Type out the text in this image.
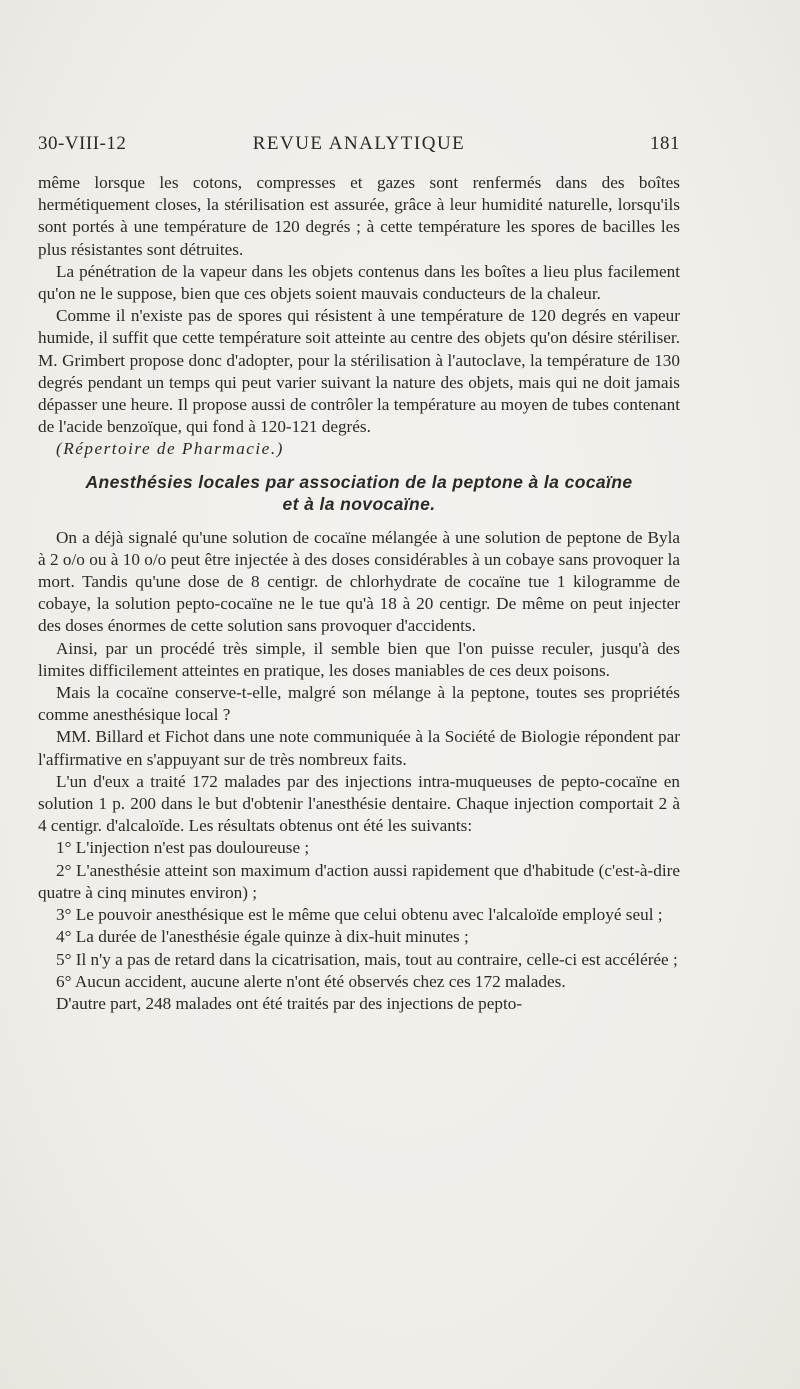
30-VIII-12	REVUE ANALYTIQUE	181

même lorsque les cotons, compresses et gazes sont renfermés dans des boîtes hermétiquement closes, la stérilisation est assurée, grâce à leur humidité naturelle, lorsqu'ils sont portés à une température de 120 degrés ; à cette température les spores de bacilles les plus résistantes sont détruites.

La pénétration de la vapeur dans les objets contenus dans les boîtes a lieu plus facilement qu'on ne le suppose, bien que ces objets soient mauvais conducteurs de la chaleur.

Comme il n'existe pas de spores qui résistent à une température de 120 degrés en vapeur humide, il suffit que cette température soit atteinte au centre des objets qu'on désire stériliser. M. Grimbert propose donc d'adopter, pour la stérilisation à l'autoclave, la température de 130 degrés pendant un temps qui peut varier suivant la nature des objets, mais qui ne doit jamais dépasser une heure. Il propose aussi de contrôler la température au moyen de tubes contenant de l'acide benzoïque, qui fond à 120-121 degrés.

(Répertoire de Pharmacie.)

Anesthésies locales par association de la peptone à la cocaïne
et à la novocaïne.

On a déjà signalé qu'une solution de cocaïne mélangée à une solution de peptone de Byla à 2 o/o ou à 10 o/o peut être injectée à des doses considérables à un cobaye sans provoquer la mort. Tandis qu'une dose de 8 centigr. de chlorhydrate de cocaïne tue 1 kilogramme de cobaye, la solution pepto-cocaïne ne le tue qu'à 18 à 20 centigr. De même on peut injecter des doses énormes de cette solution sans provoquer d'accidents.

Ainsi, par un procédé très simple, il semble bien que l'on puisse reculer, jusqu'à des limites difficilement atteintes en pratique, les doses maniables de ces deux poisons.

Mais la cocaïne conserve-t-elle, malgré son mélange à la peptone, toutes ses propriétés comme anesthésique local ?

MM. Billard et Fichot dans une note communiquée à la Société de Biologie répondent par l'affirmative en s'appuyant sur de très nombreux faits.

L'un d'eux a traité 172 malades par des injections intra-muqueuses de pepto-cocaïne en solution 1 p. 200 dans le but d'obtenir l'anesthésie dentaire. Chaque injection comportait 2 à 4 centigr. d'alcaloïde. Les résultats obtenus ont été les suivants:

1° L'injection n'est pas douloureuse ;

2° L'anesthésie atteint son maximum d'action aussi rapidement que d'habitude (c'est-à-dire quatre à cinq minutes environ) ;

3° Le pouvoir anesthésique est le même que celui obtenu avec l'alcaloïde employé seul ;

4° La durée de l'anesthésie égale quinze à dix-huit minutes ;

5° Il n'y a pas de retard dans la cicatrisation, mais, tout au contraire, celle-ci est accélérée ;

6° Aucun accident, aucune alerte n'ont été observés chez ces 172 malades.

D'autre part, 248 malades ont été traités par des injections de pepto-
